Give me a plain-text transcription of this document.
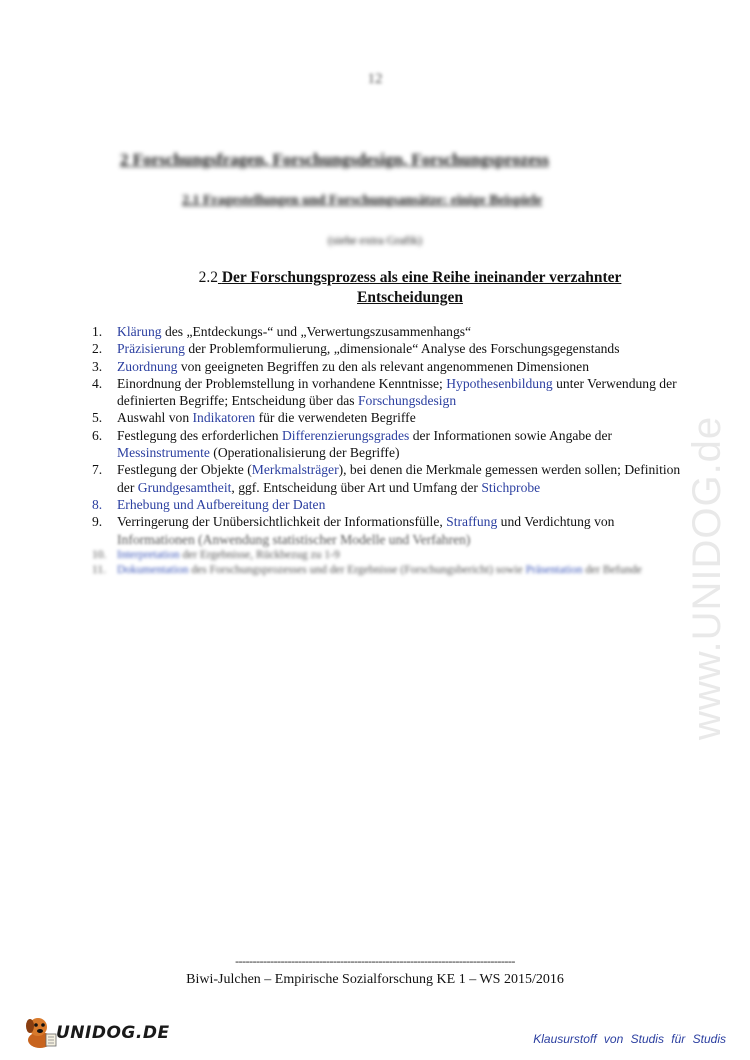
12
2 Forschungsfragen, Forschungsdesign, Forschungsprozess
2.1 Fragestellungen und Forschungsansätze: einige Beispiele
(siehe extra Grafik)
2.2 Der Forschungsprozess als eine Reihe ineinander verzahnter
Entscheidungen
1. Klärung des „Entdeckungs-“ und „Verwertungszusammenhangs“
2. Präzisierung der Problemformulierung, „dimensionale“ Analyse des Forschungsgegenstands
3. Zuordnung von geeigneten Begriffen zu den als relevant angenommenen Dimensionen
4. Einordnung der Problemstellung in vorhandene Kenntnisse; Hypothesenbildung unter Verwendung der definierten Begriffe; Entscheidung über das Forschungsdesign
5. Auswahl von Indikatoren für die verwendeten Begriffe
6. Festlegung des erforderlichen Differenzierungsgrades der Informationen sowie Angabe der Messinstrumente (Operationalisierung der Begriffe)
7. Festlegung der Objekte (Merkmalsträger), bei denen die Merkmale gemessen werden sollen; Definition der Grundgesamtheit, ggf. Entscheidung über Art und Umfang der Stichprobe
8. Erhebung und Aufbereitung der Daten
9. Verringerung der Unübersichtlichkeit der Informationsfülle, Straffung und Verdichtung von
Informationen (Anwendung statistischer Modelle und Verfahren)
10. Interpretation der Ergebnisse, Rückbezug zu 1-9
11. Dokumentation des Forschungsprozesses und der Ergebnisse (Forschungsbericht) sowie Präsentation der Befunde	www.UNIDOG.de
--------------------------------------------------------------------------------
Biwi-Julchen – Empirische Sozialforschung KE 1 – WS 2015/2016
UNIDOG.DE	Klausurstoff von Studis für Studis
